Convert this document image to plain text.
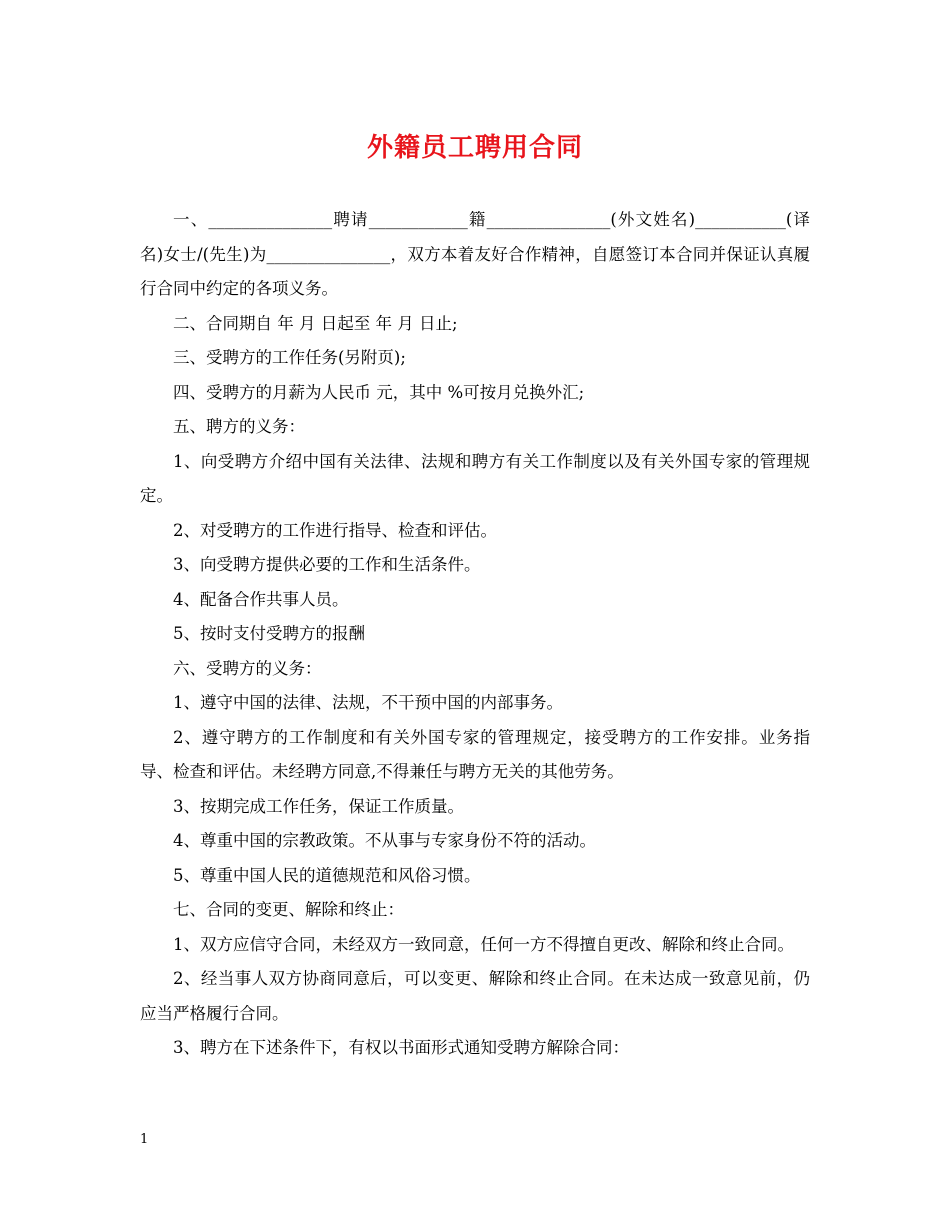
外籍员工聘用合同

一、_______________聘请____________籍_______________(外文姓名)___________(译名)女士/(先生)为_______________，双方本着友好合作精神，自愿签订本合同并保证认真履行合同中约定的各项义务。

二、合同期自 年 月 日起至 年 月 日止;

三、受聘方的工作任务(另附页);

四、受聘方的月薪为人民币 元，其中 %可按月兑换外汇;

五、聘方的义务：

1、向受聘方介绍中国有关法律、法规和聘方有关工作制度以及有关外国专家的管理规定。

2、对受聘方的工作进行指导、检查和评估。

3、向受聘方提供必要的工作和生活条件。

4、配备合作共事人员。

5、按时支付受聘方的报酬

六、受聘方的义务：

1、遵守中国的法律、法规，不干预中国的内部事务。

2、遵守聘方的工作制度和有关外国专家的管理规定，接受聘方的工作安排。业务指导、检查和评估。未经聘方同意,不得兼任与聘方无关的其他劳务。

3、按期完成工作任务，保证工作质量。

4、尊重中国的宗教政策。不从事与专家身份不符的活动。

5、尊重中国人民的道德规范和风俗习惯。

七、合同的变更、解除和终止：

1、双方应信守合同，未经双方一致同意，任何一方不得擅自更改、解除和终止合同。

2、经当事人双方协商同意后，可以变更、解除和终止合同。在未达成一致意见前，仍应当严格履行合同。

3、聘方在下述条件下，有权以书面形式通知受聘方解除合同：

1
